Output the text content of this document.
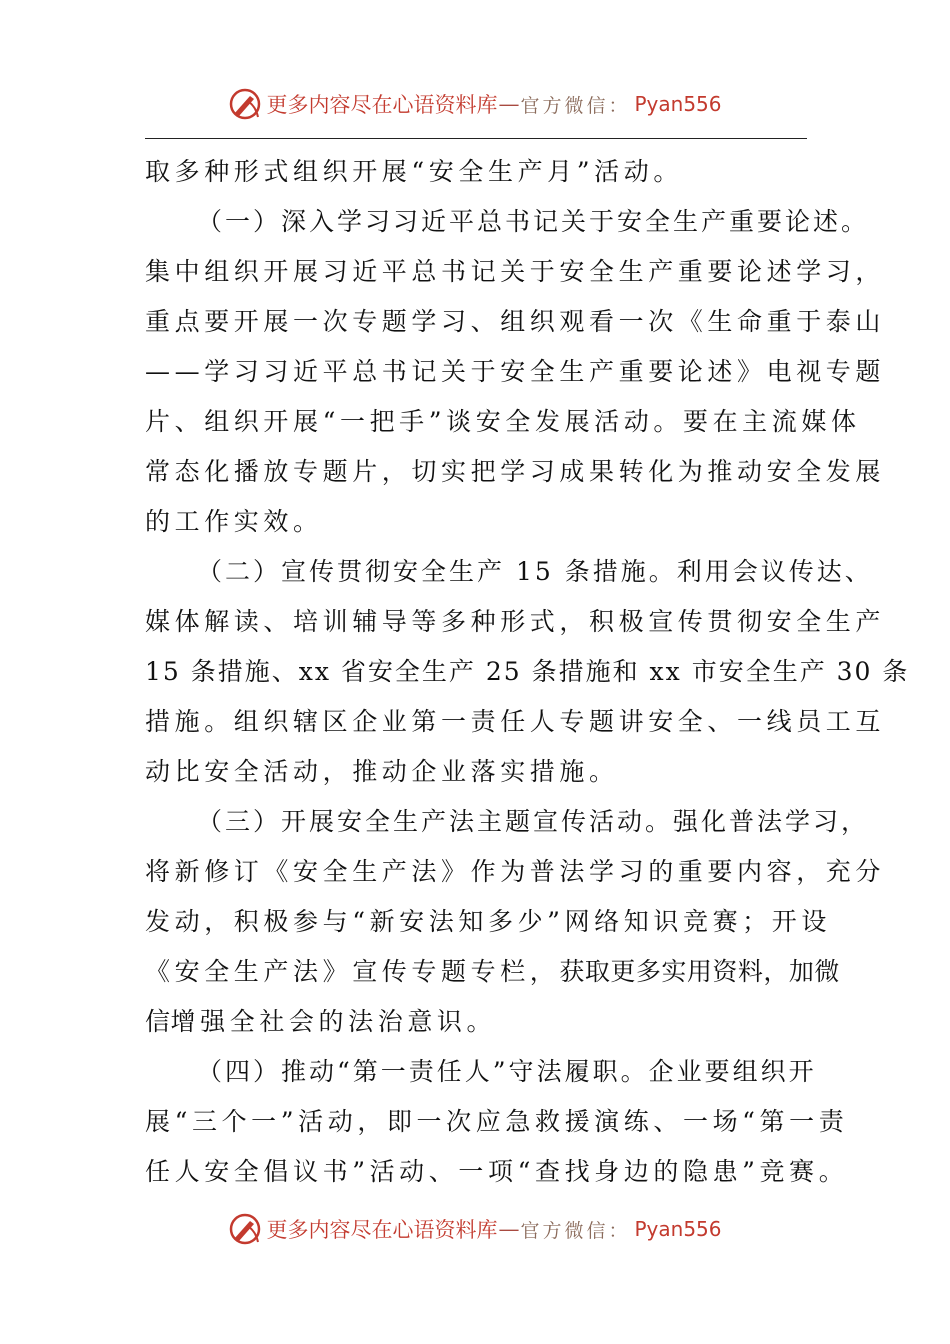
更多内容尽在心语资料库 — 官方微信： Pyan556
取多种形式组织开展“安全生产月”活动。
（一）深入学习习近平总书记关于安全生产重要论述。
集中组织开展习近平总书记关于安全生产重要论述学习，
重点要开展一次专题学习、组织观看一次《生命重于泰山
——学习习近平总书记关于安全生产重要论述》电视专题
片、组织开展“一把手”谈安全发展活动。要在主流媒体
常态化播放专题片，切实把学习成果转化为推动安全发展
的工作实效。
（二）宣传贯彻安全生产 15 条措施。利用会议传达、
媒体解读、培训辅导等多种形式，积极宣传贯彻安全生产
15 条措施、xx 省安全生产 25 条措施和 xx 市安全生产 30 条
措施。组织辖区企业第一责任人专题讲安全、一线员工互
动比安全活动，推动企业落实措施。
（三）开展安全生产法主题宣传活动。强化普法学习，
将新修订《安全生产法》作为普法学习的重要内容，充分
发动，积极参与“新安法知多少”网络知识竞赛；开设
《安全生产法》宣传专题专栏，获取更多实用资料，加微
信增强全社会的法治意识。
（四）推动“第一责任人”守法履职。企业要组织开
展“三个一”活动，即一次应急救援演练、一场“第一责
任人安全倡议书”活动、一项“查找身边的隐患”竞赛。
更多内容尽在心语资料库 — 官方微信： Pyan556
